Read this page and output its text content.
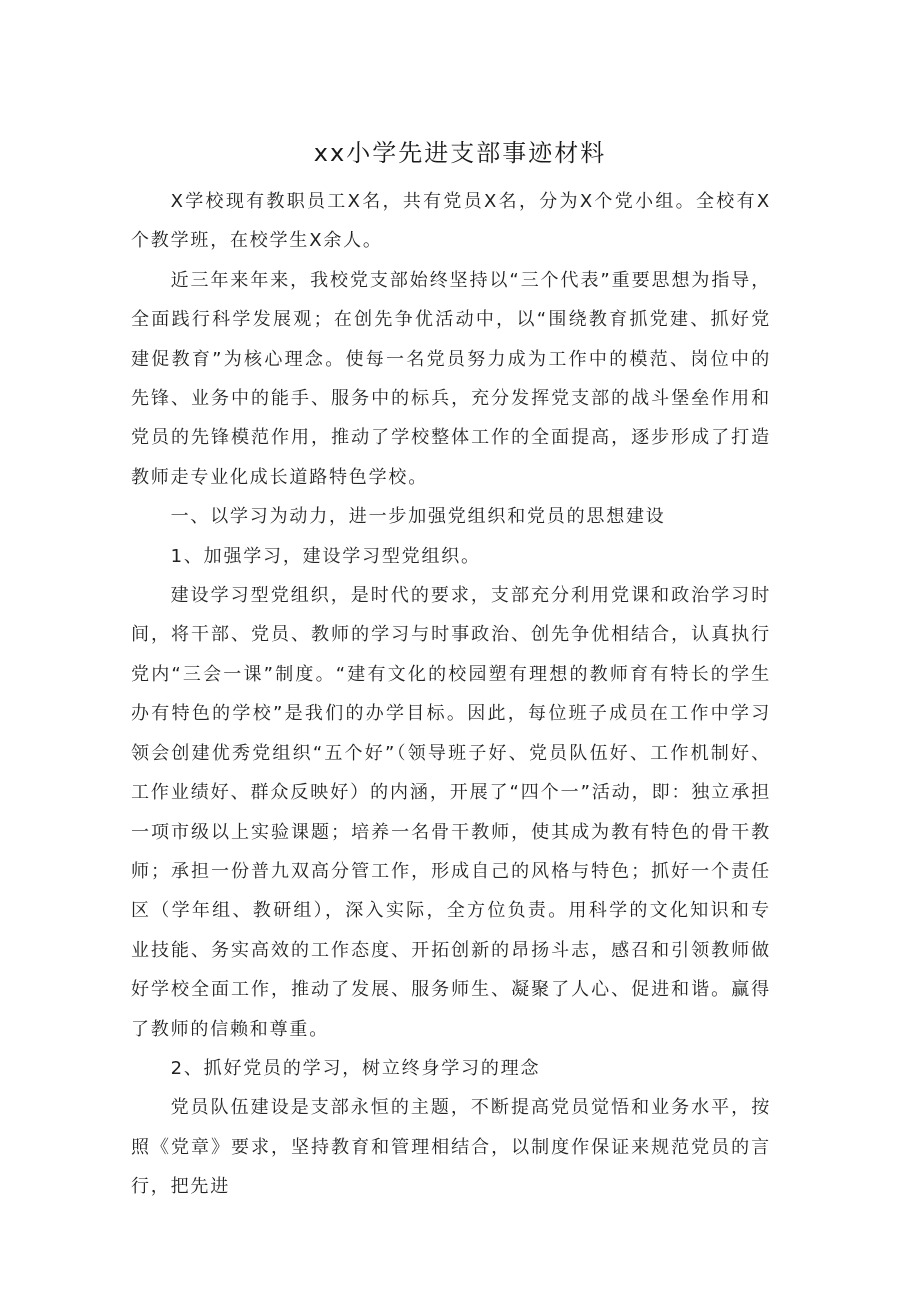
xx小学先进支部事迹材料

X学校现有教职员工X名，共有党员X名，分为X个党小组。全校有X个教学班，在校学生X余人。

近三年来年来，我校党支部始终坚持以“三个代表”重要思想为指导，全面践行科学发展观；在创先争优活动中，以“围绕教育抓党建、抓好党建促教育”为核心理念。使每一名党员努力成为工作中的模范、岗位中的先锋、业务中的能手、服务中的标兵，充分发挥党支部的战斗堡垒作用和党员的先锋模范作用，推动了学校整体工作的全面提高，逐步形成了打造教师走专业化成长道路特色学校。

一、以学习为动力，进一步加强党组织和党员的思想建设

1、加强学习，建设学习型党组织。

建设学习型党组织，是时代的要求，支部充分利用党课和政治学习时间，将干部、党员、教师的学习与时事政治、创先争优相结合，认真执行党内“三会一课”制度。“建有文化的校园塑有理想的教师育有特长的学生办有特色的学校”是我们的办学目标。因此，每位班子成员在工作中学习领会创建优秀党组织“五个好”（领导班子好、党员队伍好、工作机制好、工作业绩好、群众反映好）的内涵，开展了“四个一”活动，即：独立承担一项市级以上实验课题；培养一名骨干教师，使其成为教有特色的骨干教师；承担一份普九双高分管工作，形成自己的风格与特色；抓好一个责任区（学年组、教研组），深入实际，全方位负责。用科学的文化知识和专业技能、务实高效的工作态度、开拓创新的昂扬斗志，感召和引领教师做好学校全面工作，推动了发展、服务师生、凝聚了人心、促进和谐。赢得了教师的信赖和尊重。

2、抓好党员的学习，树立终身学习的理念

党员队伍建设是支部永恒的主题，不断提高党员觉悟和业务水平，按照《党章》要求，坚持教育和管理相结合，以制度作保证来规范党员的言行，把先进
